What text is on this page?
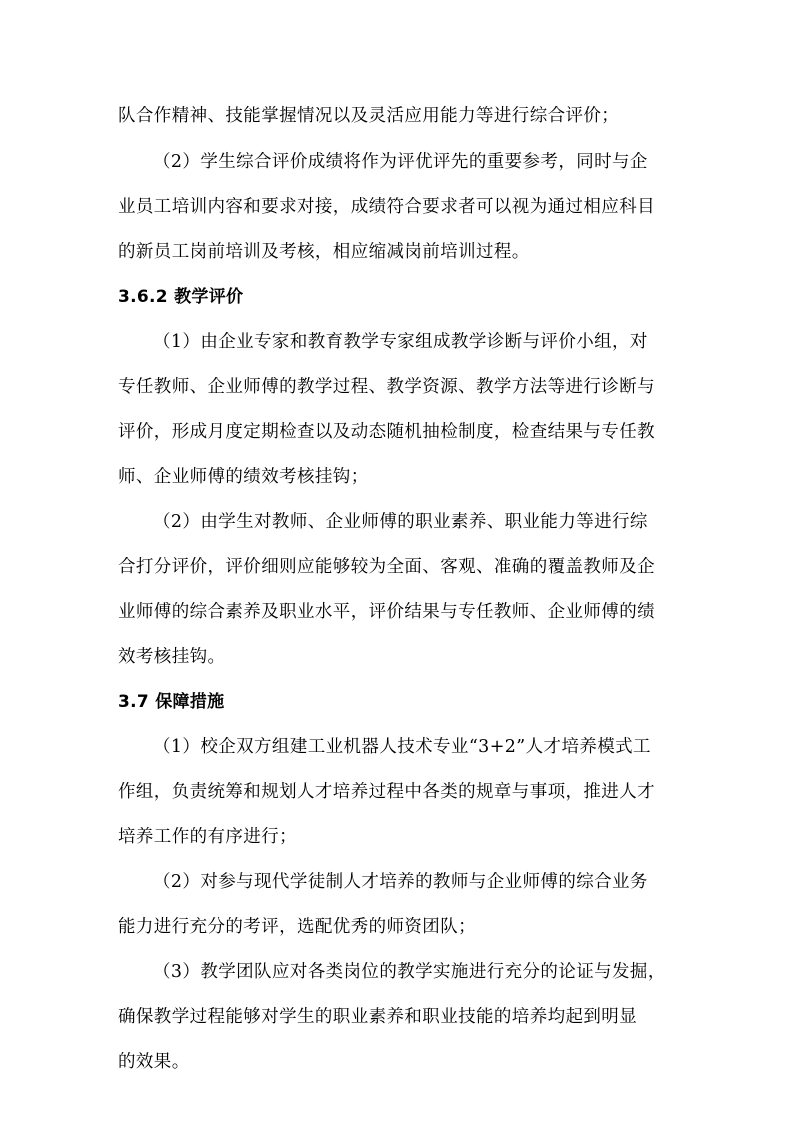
队合作精神、技能掌握情况以及灵活应用能力等进行综合评价；
（2）学生综合评价成绩将作为评优评先的重要参考，同时与企
业员工培训内容和要求对接，成绩符合要求者可以视为通过相应科目
的新员工岗前培训及考核，相应缩减岗前培训过程。
3.6.2 教学评价
（1）由企业专家和教育教学专家组成教学诊断与评价小组，对
专任教师、企业师傅的教学过程、教学资源、教学方法等进行诊断与
评价，形成月度定期检查以及动态随机抽检制度，检查结果与专任教
师、企业师傅的绩效考核挂钩；
（2）由学生对教师、企业师傅的职业素养、职业能力等进行综
合打分评价，评价细则应能够较为全面、客观、准确的覆盖教师及企
业师傅的综合素养及职业水平，评价结果与专任教师、企业师傅的绩
效考核挂钩。
3.7 保障措施
（1）校企双方组建工业机器人技术专业“3+2”人才培养模式工
作组，负责统筹和规划人才培养过程中各类的规章与事项，推进人才
培养工作的有序进行；
（2）对参与现代学徒制人才培养的教师与企业师傅的综合业务
能力进行充分的考评，选配优秀的师资团队；
（3）教学团队应对各类岗位的教学实施进行充分的论证与发掘，
确保教学过程能够对学生的职业素养和职业技能的培养均起到明显
的效果。
